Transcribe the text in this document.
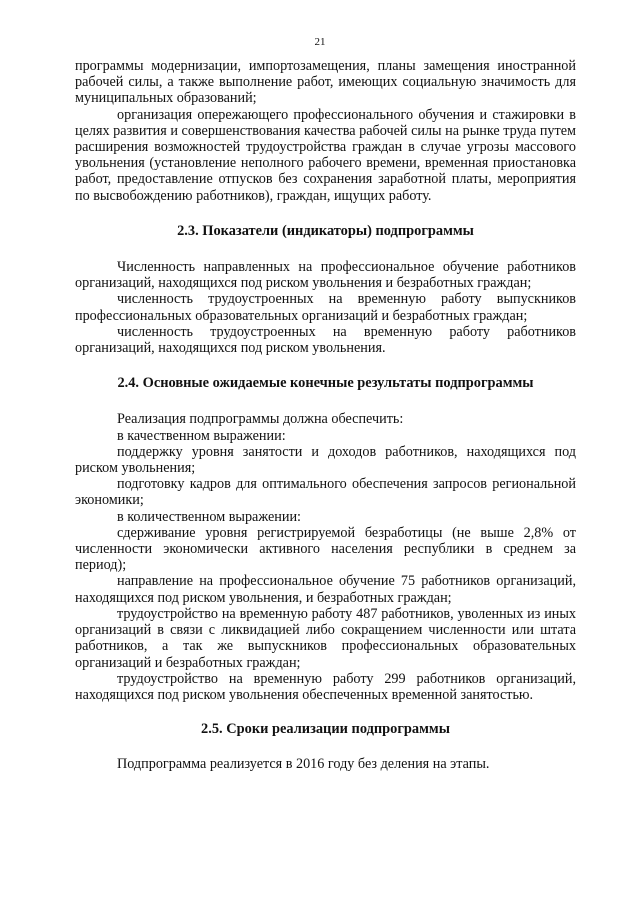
21

программы модернизации, импортозамещения, планы замещения иностранной рабочей силы, а также выполнение работ, имеющих социальную значимость для муниципальных образований;

организация опережающего профессионального обучения и стажировки в целях развития и совершенствования качества рабочей силы на рынке труда путем расширения возможностей трудоустройства граждан в случае угрозы массового увольнения (установление неполного рабочего времени, временная приостановка работ, предоставление отпусков без сохранения заработной платы, мероприятия по высвобождению работников), граждан, ищущих работу.

2.3. Показатели (индикаторы) подпрограммы

Численность направленных на профессиональное обучение работников организаций, находящихся под риском увольнения и безработных граждан;

численность трудоустроенных на временную работу выпускников профессиональных образовательных организаций и безработных граждан;

численность трудоустроенных на временную работу работников организаций, находящихся под риском увольнения.

2.4. Основные ожидаемые конечные результаты подпрограммы

Реализация подпрограммы должна обеспечить:

в качественном выражении:

поддержку уровня занятости и доходов работников, находящихся под риском увольнения;

подготовку кадров для оптимального обеспечения запросов региональной экономики;

в количественном выражении:

сдерживание уровня регистрируемой безработицы (не выше 2,8% от численности экономически активного населения республики в среднем за период);

направление на профессиональное обучение 75 работников организаций, находящихся под риском увольнения, и безработных граждан;

трудоустройство на временную работу 487 работников, уволенных из иных организаций в связи с ликвидацией либо сокращением численности или штата работников, а так же выпускников профессиональных образовательных организаций и безработных граждан;

трудоустройство на временную работу 299 работников организаций, находящихся под риском увольнения обеспеченных временной занятостью.

2.5. Сроки реализации подпрограммы

Подпрограмма реализуется в 2016 году без деления на этапы.
